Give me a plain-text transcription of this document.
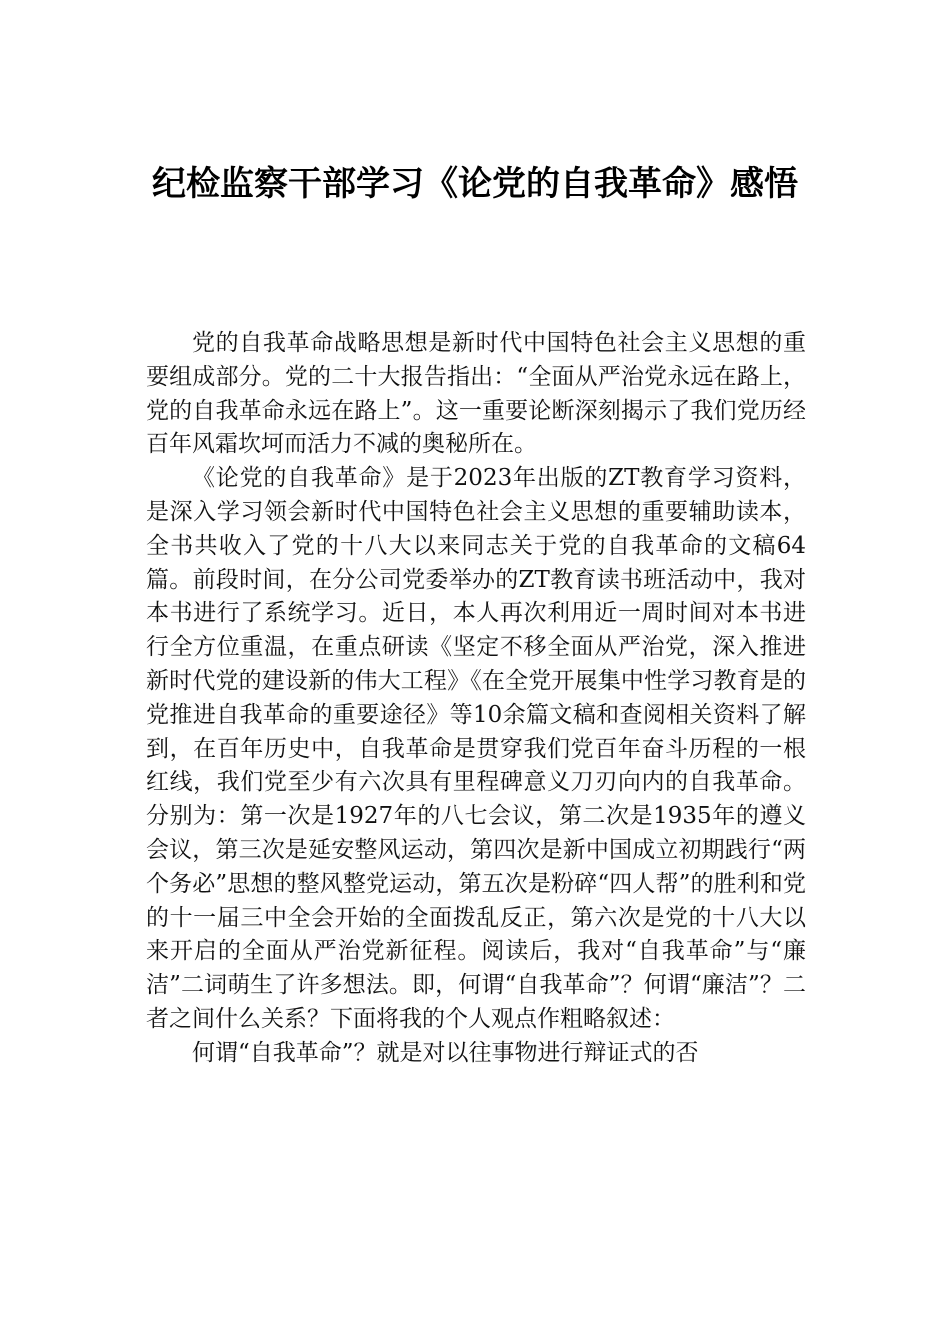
纪检监察干部学习《论党的自我革命》感悟

党的自我革命战略思想是新时代中国特色社会主义思想的重要组成部分。党的二十大报告指出：“全面从严治党永远在路上，党的自我革命永远在路上”。这一重要论断深刻揭示了我们党历经百年风霜坎坷而活力不减的奥秘所在。

《论党的自我革命》是于2023年出版的ZT教育学习资料，是深入学习领会新时代中国特色社会主义思想的重要辅助读本，全书共收入了党的十八大以来同志关于党的自我革命的文稿64篇。前段时间，在分公司党委举办的ZT教育读书班活动中，我对本书进行了系统学习。近日，本人再次利用近一周时间对本书进行全方位重温，在重点研读《坚定不移全面从严治党，深入推进新时代党的建设新的伟大工程》《在全党开展集中性学习教育是的党推进自我革命的重要途径》等10余篇文稿和查阅相关资料了解到，在百年历史中，自我革命是贯穿我们党百年奋斗历程的一根红线，我们党至少有六次具有里程碑意义刀刃向内的自我革命。分别为：第一次是1927年的八七会议，第二次是1935年的遵义会议，第三次是延安整风运动，第四次是新中国成立初期践行“两个务必”思想的整风整党运动，第五次是粉碎“四人帮”的胜利和党的十一届三中全会开始的全面拨乱反正，第六次是党的十八大以来开启的全面从严治党新征程。阅读后，我对“自我革命”与“廉洁”二词萌生了许多想法。即，何谓“自我革命”？何谓“廉洁”？二者之间什么关系？下面将我的个人观点作粗略叙述：

何谓“自我革命”？就是对以往事物进行辩证式的否
